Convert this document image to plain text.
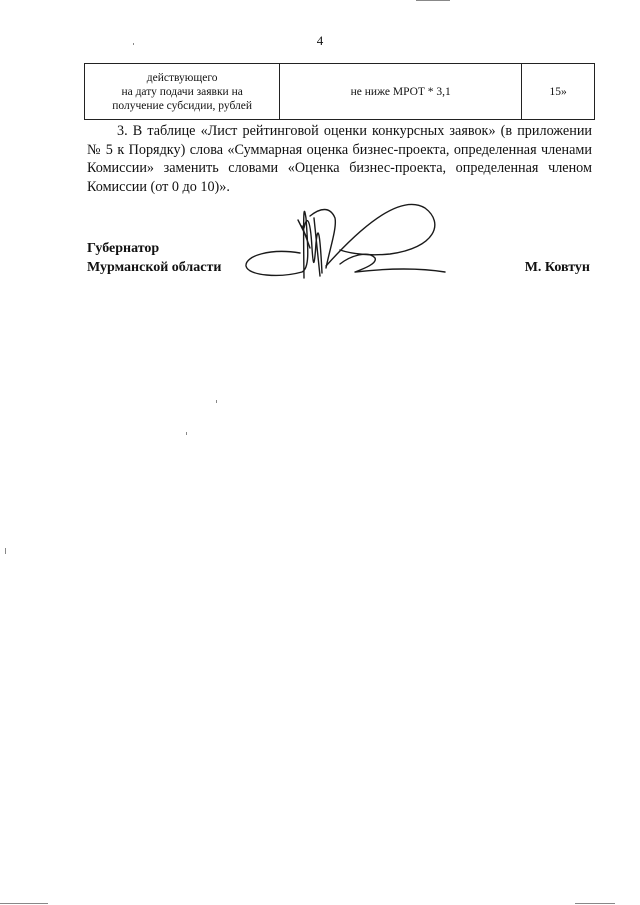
4
действующего
на дату подачи заявки на
получение субсидии, рублей	не ниже МРОТ * 3,1	15»

3. В таблице «Лист рейтинговой оценки конкурсных заявок» (в приложении № 5 к Порядку) слова «Суммарная оценка бизнес-проекта, определенная членами Комиссии» заменить словами «Оценка бизнес-проекта, определенная членом Комиссии (от 0 до 10)».

Губернатор
Мурманской области	М. Ковтун
